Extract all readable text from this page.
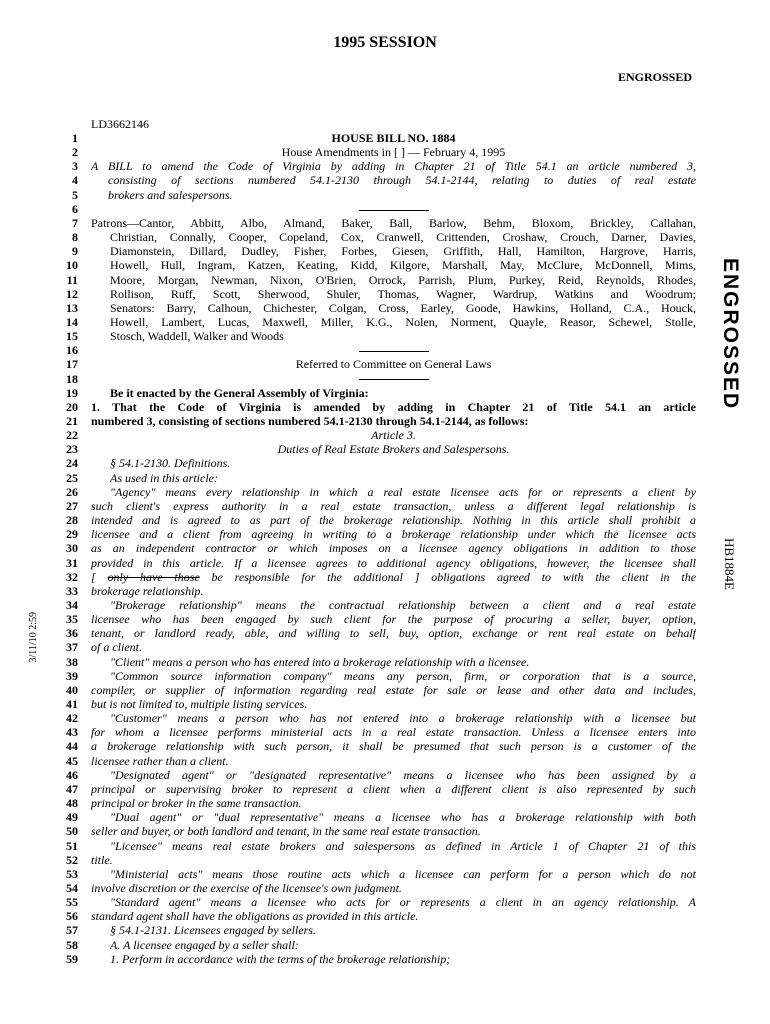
1995 SESSION
ENGROSSED
LD3662146
ENGROSSED
HB1884E
3/11/10 2:59
1	HOUSE BILL NO. 1884
2	House Amendments in [ ] — February 4, 1995
3 A BILL to amend the Code of Virginia by adding in Chapter 21 of Title 54.1 an article numbered 3,
4	consisting of sections numbered 54.1-2130 through 54.1-2144, relating to duties of real estate
5	brokers and salespersons.
6
7 Patrons—Cantor, Abbitt, Albo, Almand, Baker, Ball, Barlow, Behm, Bloxom, Brickley, Callahan,
8	Christian, Connally, Cooper, Copeland, Cox, Cranwell, Crittenden, Croshaw, Crouch, Darner, Davies,
9	Diamonstein, Dillard, Dudley, Fisher, Forbes, Giesen, Griffith, Hall, Hamilton, Hargrove, Harris,
10	Howell, Hull, Ingram, Katzen, Keating, Kidd, Kilgore, Marshall, May, McClure, McDonnell, Mims,
11	Moore, Morgan, Newman, Nixon, O'Brien, Orrock, Parrish, Plum, Purkey, Reid, Reynolds, Rhodes,
12	Rollison, Ruff, Scott, Sherwood, Shuler, Thomas, Wagner, Wardrup, Watkins and Woodrum;
13	Senators: Barry, Calhoun, Chichester, Colgan, Cross, Earley, Goode, Hawkins, Holland, C.A., Houck,
14	Howell, Lambert, Lucas, Maxwell, Miller, K.G., Nolen, Norment, Quayle, Reasor, Schewel, Stolle,
15	Stosch, Waddell, Walker and Woods
16
17	Referred to Committee on General Laws
18
19	Be it enacted by the General Assembly of Virginia:
20 1. That the Code of Virginia is amended by adding in Chapter 21 of Title 54.1 an article
21 numbered 3, consisting of sections numbered 54.1-2130 through 54.1-2144, as follows:
22	Article 3.
23	Duties of Real Estate Brokers and Salespersons.
24	§ 54.1-2130. Definitions.
25	As used in this article:
26	"Agency" means every relationship in which a real estate licensee acts for or represents a client by
27 such client's express authority in a real estate transaction, unless a different legal relationship is
28 intended and is agreed to as part of the brokerage relationship. Nothing in this article shall prohibit a
29 licensee and a client from agreeing in writing to a brokerage relationship under which the licensee acts
30 as an independent contractor or which imposes on a licensee agency obligations in addition to those
31 provided in this article. If a licensee agrees to additional agency obligations, however, the licensee shall
32 [ only have those be responsible for the additional ] obligations agreed to with the client in the
33 brokerage relationship.
34	"Brokerage relationship" means the contractual relationship between a client and a real estate
35 licensee who has been engaged by such client for the purpose of procuring a seller, buyer, option,
36 tenant, or landlord ready, able, and willing to sell, buy, option, exchange or rent real estate on behalf
37 of a client.
38	"Client" means a person who has entered into a brokerage relationship with a licensee.
39	"Common source information company" means any person, firm, or corporation that is a source,
40 compiler, or supplier of information regarding real estate for sale or lease and other data and includes,
41 but is not limited to, multiple listing services.
42	"Customer" means a person who has not entered into a brokerage relationship with a licensee but
43 for whom a licensee performs ministerial acts in a real estate transaction. Unless a licensee enters into
44 a brokerage relationship with such person, it shall be presumed that such person is a customer of the
45 licensee rather than a client.
46	"Designated agent" or "designated representative" means a licensee who has been assigned by a
47 principal or supervising broker to represent a client when a different client is also represented by such
48 principal or broker in the same transaction.
49	"Dual agent" or "dual representative" means a licensee who has a brokerage relationship with both
50 seller and buyer, or both landlord and tenant, in the same real estate transaction.
51	"Licensee" means real estate brokers and salespersons as defined in Article 1 of Chapter 21 of this
52 title.
53	"Ministerial acts" means those routine acts which a licensee can perform for a person which do not
54 involve discretion or the exercise of the licensee's own judgment.
55	"Standard agent" means a licensee who acts for or represents a client in an agency relationship. A
56 standard agent shall have the obligations as provided in this article.
57	§ 54.1-2131. Licensees engaged by sellers.
58	A. A licensee engaged by a seller shall:
59	1. Perform in accordance with the terms of the brokerage relationship;
